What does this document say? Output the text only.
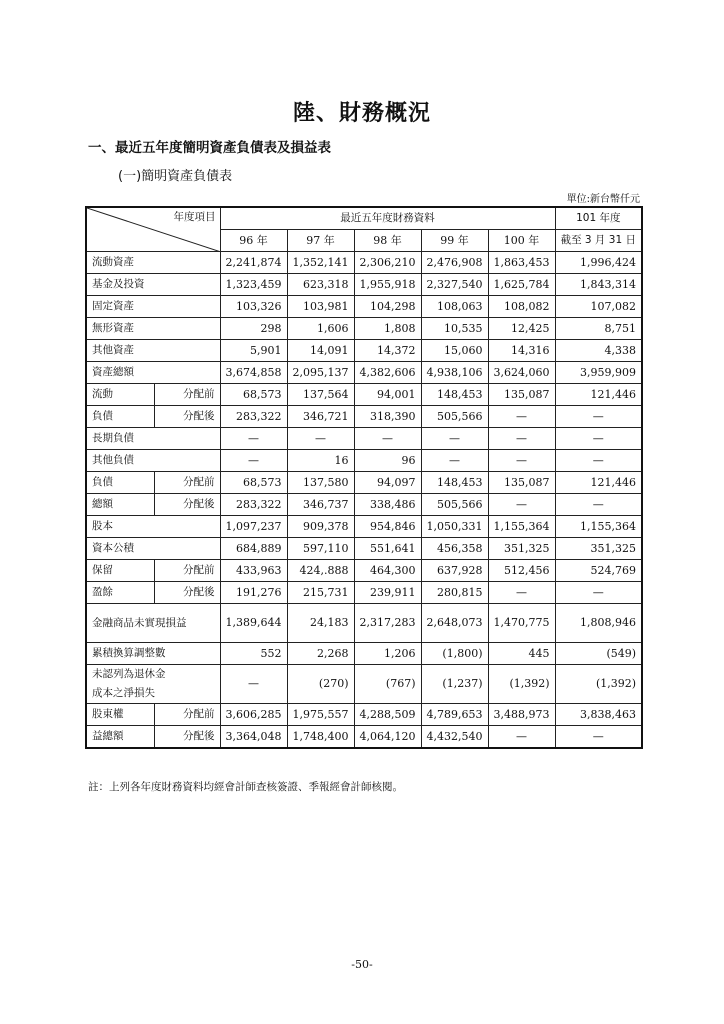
陸、財務概況
一、最近五年度簡明資產負債表及損益表
(一)簡明資產負債表
單位:新台幣仟元
年度項目		最近五年度財務資料					101 年度
		96 年	97 年	98 年	99 年	100 年	截至 3 月 31 日
流動資產		2,241,874	1,352,141	2,306,210	2,476,908	1,863,453	1,996,424
基金及投資		1,323,459	623,318	1,955,918	2,327,540	1,625,784	1,843,314
固定資產		103,326	103,981	104,298	108,063	108,082	107,082
無形資產		298	1,606	1,808	10,535	12,425	8,751
其他資產		5,901	14,091	14,372	15,060	14,316	4,338
資產總額		3,674,858	2,095,137	4,382,606	4,938,106	3,624,060	3,959,909
流動	分配前	68,573	137,564	94,001	148,453	135,087	121,446
負債	分配後	283,322	346,721	318,390	505,566	—	—
長期負債		—	—	—	—	—	—
其他負債		—	16	96	—	—	—
負債	分配前	68,573	137,580	94,097	148,453	135,087	121,446
總額	分配後	283,322	346,737	338,486	505,566	—	—
股本		1,097,237	909,378	954,846	1,050,331	1,155,364	1,155,364
資本公積		684,889	597,110	551,641	456,358	351,325	351,325
保留	分配前	433,963	424,.888	464,300	637,928	512,456	524,769
盈餘	分配後	191,276	215,731	239,911	280,815	—	—
金融商品未實現損益		1,389,644	24,183	2,317,283	2,648,073	1,470,775	1,808,946
累積換算調整數		552	2,268	1,206	(1,800)	445	(549)

未認列為退休金
成本之淨損失		—	(270)	(767)	(1,237)	(1,392)	(1,392)
股東權	分配前	3,606,285	1,975,557	4,288,509	4,789,653	3,488,973	3,838,463
益總額	分配後	3,364,048	1,748,400	4,064,120	4,432,540	—	—
註：上列各年度財務資料均經會計師查核簽證、季報經會計師核閱。
-50-
